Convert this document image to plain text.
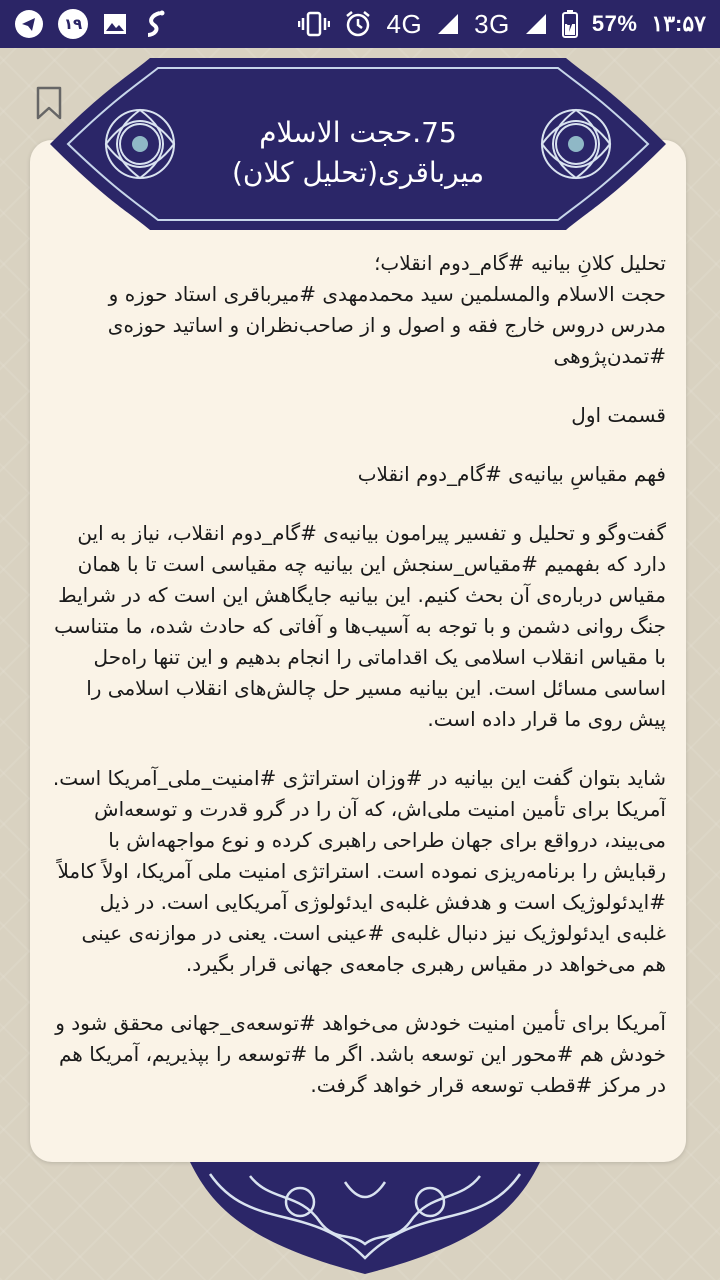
۱۹	4G 3G	57% ۱۳:۵۷

تحلیل کلانِ بیانیه #گام_دوم انقلاب؛
حجت الاسلام والمسلمین سید محمدمهدی #میرباقری استاد حوزه و مدرس دروس خارج فقه و اصول و از صاحب‌نظران و اساتید حوزه‌ی #تمدن‌پژوهی

قسمت اول

فهم مقیاسِ بیانیه‌ی #گام_دوم انقلاب

گفت‌وگو و تحلیل و تفسیر پیرامون بیانیه‌ی #گام_دوم انقلاب، نیاز به این دارد که بفهمیم #مقیاس_سنجش این بیانیه چه مقیاسی است تا با همان مقیاس درباره‌ی آن بحث کنیم. این بیانیه جایگاهش این است که در شرایط جنگ روانی دشمن و با توجه به آسیب‌ها و آفاتی که حادث شده، ما متناسب با مقیاس انقلاب اسلامی یک اقداماتی را انجام بدهیم و این تنها راه‌حل اساسی مسائل است. این بیانیه مسیر حل چالش‌های انقلاب اسلامی را پیش روی ما قرار داده است.

شاید بتوان گفت این بیانیه در #وزان استراتژی #امنیت_ملی_آمریکا است. آمریکا برای تأمین امنیت ملی‌اش، که آن را در گرو قدرت و توسعه‌اش می‌بیند، درواقع برای جهان طراحی راهبری کرده و نوع مواجهه‌اش با رقبایش را برنامه‌ریزی نموده است. استراتژی امنیت ملی آمریکا، اولاً کاملاً #ایدئولوژیک است و هدفش غلبه‌ی ایدئولوژی آمریکایی است. در ذیل غلبه‌ی ایدئولوژیک نیز دنبال غلبه‌ی #عینی است. یعنی در موازنه‌ی عینی هم می‌خواهد در مقیاس رهبری جامعه‌ی جهانی قرار بگیرد.

آمریکا برای تأمین امنیت خودش می‌خواهد #توسعه‌ی_جهانی محقق شود و خودش هم #محور این توسعه باشد. اگر ما #توسعه را بپذیریم، آمریکا هم در مرکز #قطب توسعه قرار خواهد گرفت.

75.حجت الاسلام
میرباقری(تحلیل کلان)
